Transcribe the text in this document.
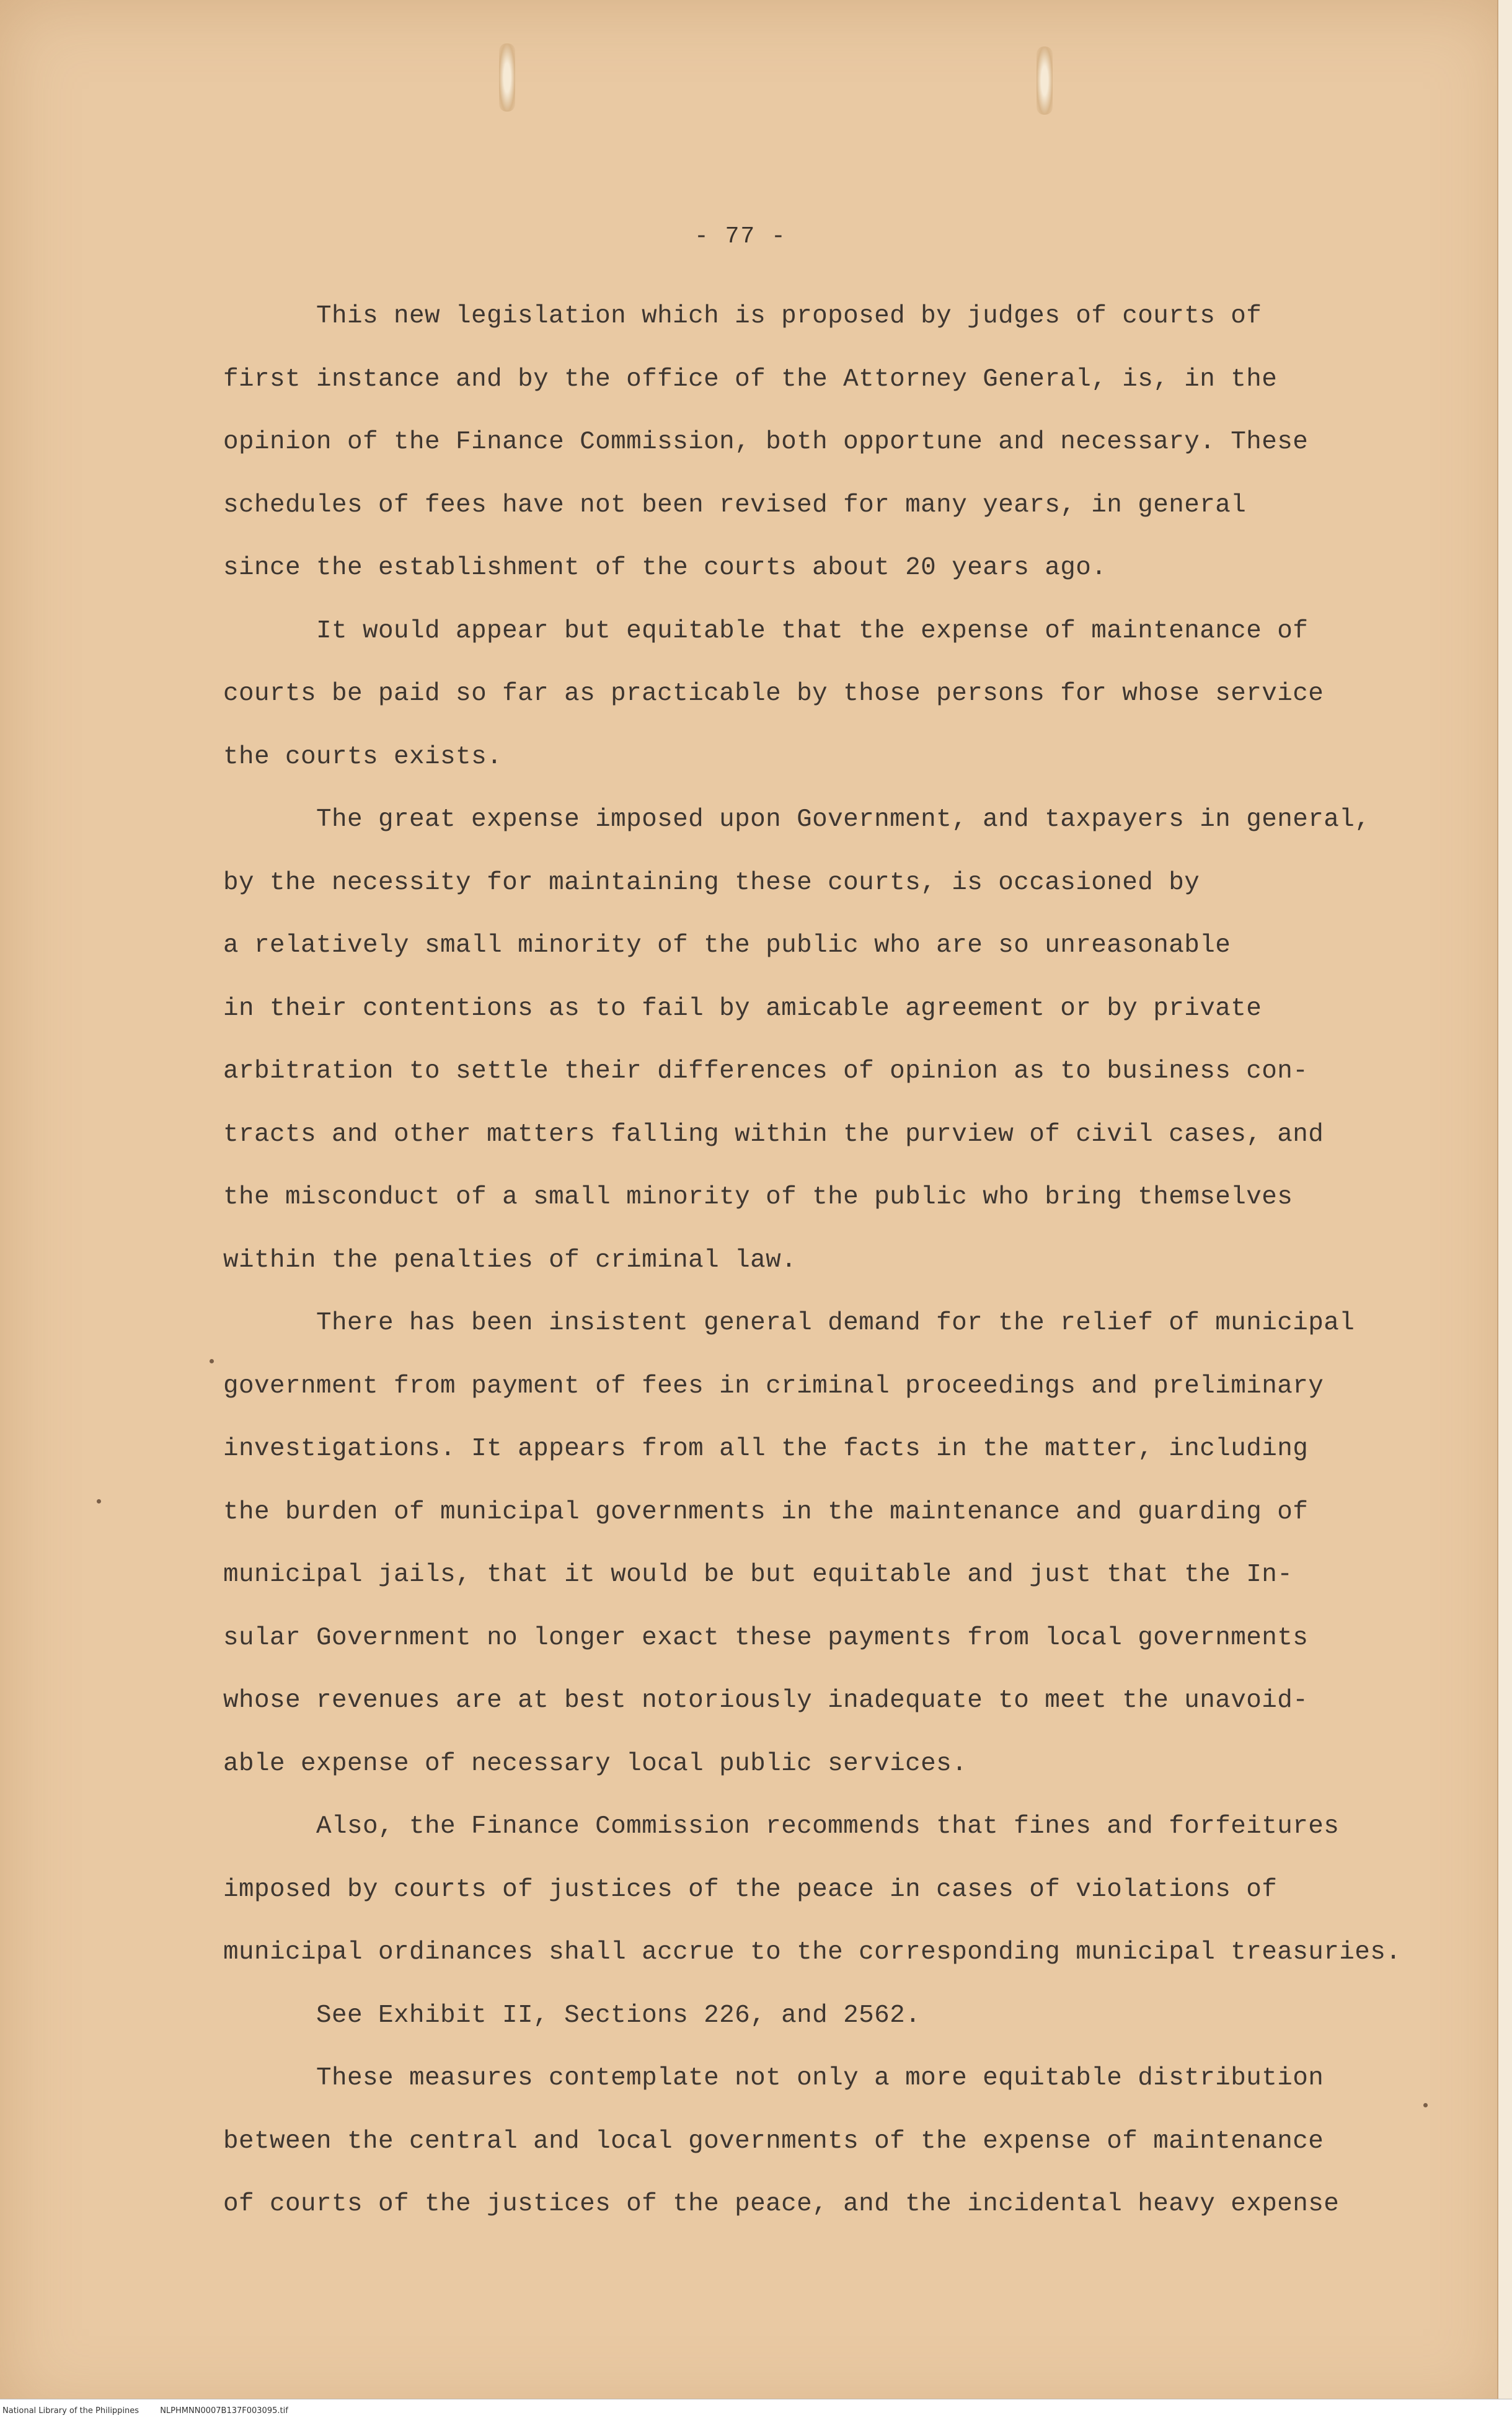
- 77 -

This new legislation which is proposed by judges of courts of
first instance and by the office of the Attorney General, is, in the
opinion of the Finance Commission, both opportune and necessary. These
schedules of fees have not been revised for many years, in general
since the establishment of the courts about 20 years ago.

It would appear but equitable that the expense of maintenance of
courts be paid so far as practicable by those persons for whose service
the courts exists.

The great expense imposed upon Government, and taxpayers in general,
by the necessity for maintaining these courts, is occasioned by
a relatively small minority of the public who are so unreasonable
in their contentions as to fail by amicable agreement or by private
arbitration to settle their differences of opinion as to business con-
tracts and other matters falling within the purview of civil cases, and
the misconduct of a small minority of the public who bring themselves
within the penalties of criminal law.

There has been insistent general demand for the relief of municipal
government from payment of fees in criminal proceedings and preliminary
investigations. It appears from all the facts in the matter, including
the burden of municipal governments in the maintenance and guarding of
municipal jails, that it would be but equitable and just that the In-
sular Government no longer exact these payments from local governments
whose revenues are at best notoriously inadequate to meet the unavoid-
able expense of necessary local public services.

Also, the Finance Commission recommends that fines and forfeitures
imposed by courts of justices of the peace in cases of violations of
municipal ordinances shall accrue to the corresponding municipal treasuries.

See Exhibit II, Sections 226, and 2562.

These measures contemplate not only a more equitable distribution
between the central and local governments of the expense of maintenance
of courts of the justices of the peace, and the incidental heavy expense

National Library of the Philippines	NLPHMNN0007B137F003095.tif
